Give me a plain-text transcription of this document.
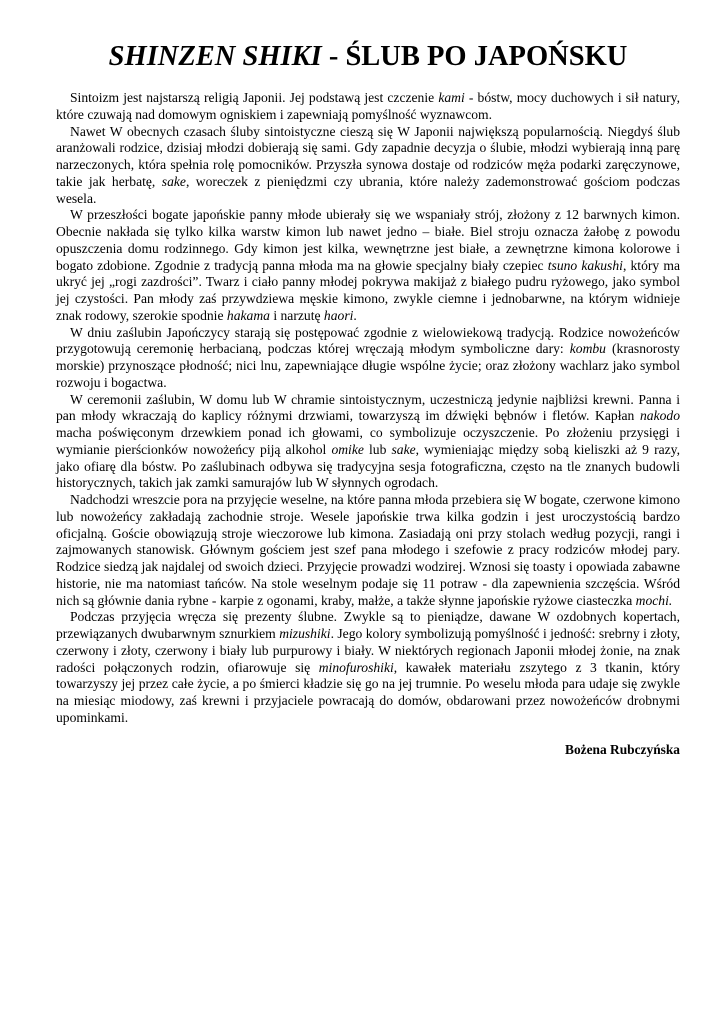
SHINZEN SHIKI - ŚLUB PO JAPOŃSKU

Sintoizm jest najstarszą religią Japonii. Jej podstawą jest czczenie kami - bóstw, mocy duchowych i sił natury, które czuwają nad domowym ogniskiem i zapewniają pomyślność wyznawcom.

Nawet W obecnych czasach śluby sintoistyczne cieszą się W Japonii największą popularnością. Niegdyś ślub aranżowali rodzice, dzisiaj młodzi dobierają się sami. Gdy zapadnie decyzja o ślubie, młodzi wybierają inną parę narzeczonych, która spełnia rolę pomocników. Przyszła synowa dostaje od rodziców męża podarki zaręczynowe, takie jak herbatę, sake, woreczek z pieniędzmi czy ubrania, które należy zademonstrować gościom podczas wesela.

W przeszłości bogate japońskie panny młode ubierały się we wspaniały strój, złożony z 12 barwnych kimon. Obecnie nakłada się tylko kilka warstw kimon lub nawet jedno – białe. Biel stroju oznacza żałobę z powodu opuszczenia domu rodzinnego. Gdy kimon jest kilka, wewnętrzne jest białe, a zewnętrzne kimona kolorowe i bogato zdobione. Zgodnie z tradycją panna młoda ma na głowie specjalny biały czepiec tsuno kakushi, który ma ukryć jej „rogi zazdrości”. Twarz i ciało panny młodej pokrywa makijaż z białego pudru ryżowego, jako symbol jej czystości. Pan młody zaś przywdziewa męskie kimono, zwykle ciemne i jednobarwne, na którym widnieje znak rodowy, szerokie spodnie hakama i narzutę haori.

W dniu zaślubin Japończycy starają się postępować zgodnie z wielowiekową tradycją. Rodzice nowożeńców przygotowują ceremonię herbacianą, podczas której wręczają młodym symboliczne dary: kombu (krasnorosty morskie) przynoszące płodność; nici lnu, zapewniające długie wspólne życie; oraz złożony wachlarz jako symbol rozwoju i bogactwa.

W ceremonii zaślubin, W domu lub W chramie sintoistycznym, uczestniczą jedynie najbliżsi krewni. Panna i pan młody wkraczają do kaplicy różnymi drzwiami, towarzyszą im dźwięki bębnów i fletów. Kapłan nakodo macha poświęconym drzewkiem ponad ich głowami, co symbolizuje oczyszczenie. Po złożeniu przysięgi i wymianie pierścionków nowożeńcy piją alkohol omike lub sake, wymieniając między sobą kieliszki aż 9 razy, jako ofiarę dla bóstw. Po zaślubinach odbywa się tradycyjna sesja fotograficzna, często na tle znanych budowli historycznych, takich jak zamki samurajów lub W słynnych ogrodach.

Nadchodzi wreszcie pora na przyjęcie weselne, na które panna młoda przebiera się W bogate, czerwone kimono lub nowożeńcy zakładają zachodnie stroje. Wesele japońskie trwa kilka godzin i jest uroczystością bardzo oficjalną. Goście obowiązują stroje wieczorowe lub kimona. Zasiadają oni przy stolach według pozycji, rangi i zajmowanych stanowisk. Głównym gościem jest szef pana młodego i szefowie z pracy rodziców młodej pary. Rodzice siedzą jak najdalej od swoich dzieci. Przyjęcie prowadzi wodzirej. Wznosi się toasty i opowiada zabawne historie, nie ma natomiast tańców. Na stole weselnym podaje się 11 potraw - dla zapewnienia szczęścia. Wśród nich są głównie dania rybne - karpie z ogonami, kraby, małże, a także słynne japońskie ryżowe ciasteczka mochi.

Podczas przyjęcia wręcza się prezenty ślubne. Zwykle są to pieniądze, dawane W ozdobnych kopertach, przewiązanych dwubarwnym sznurkiem mizushiki. Jego kolory symbolizują pomyślność i jedność: srebrny i złoty, czerwony i złoty, czerwony i biały lub purpurowy i biały. W niektórych regionach Japonii młodej żonie, na znak radości połączonych rodzin, ofiarowuje się minofuroshiki, kawałek materiału zszytego z 3 tkanin, który towarzyszy jej przez całe życie, a po śmierci kładzie się go na jej trumnie. Po weselu młoda para udaje się zwykle na miesiąc miodowy, zaś krewni i przyjaciele powracają do domów, obdarowani przez nowożeńców drobnymi upominkami.

Bożena Rubczyńska
